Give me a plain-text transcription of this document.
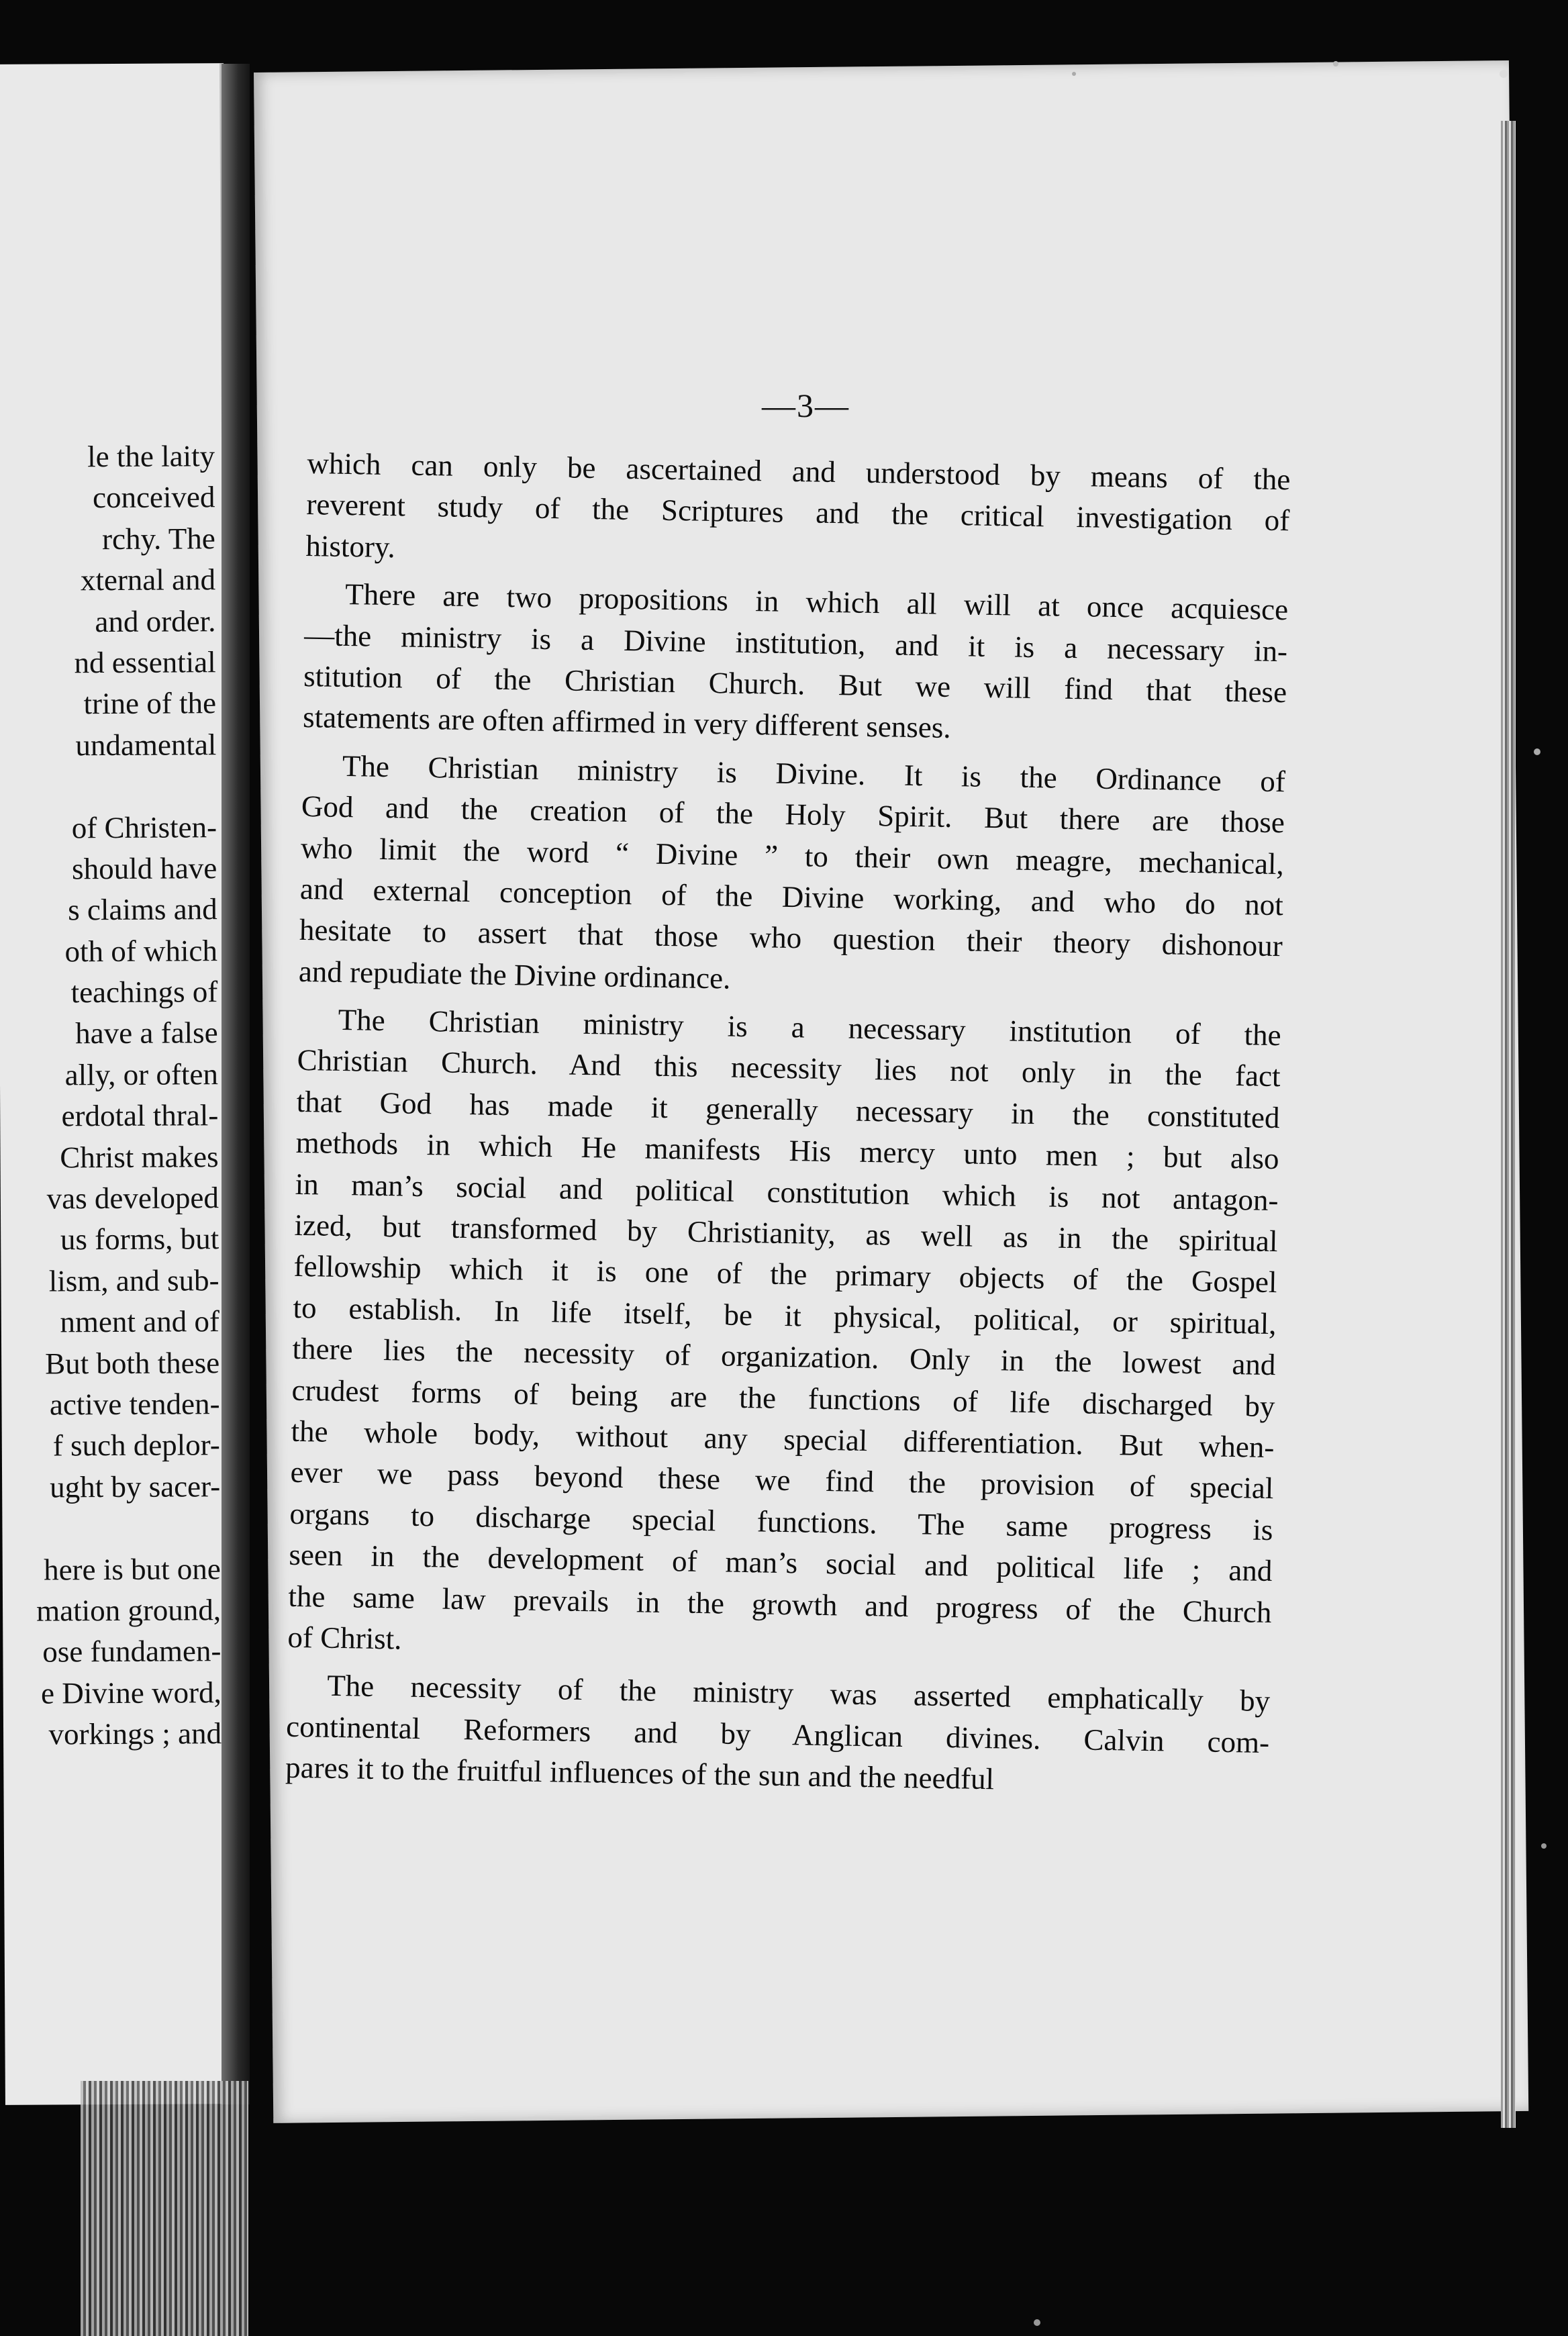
le the laity
conceived
rchy. The
xternal and
and order.
nd essential
trine of the
undamental
of Christen-
should have
s claims and
oth of which
teachings of
have a false
ally, or often
erdotal thral-
Christ makes
vas developed
us forms, but
lism, and sub-
nment and of
But both these
active tenden-
f such deplor-
ught by sacer-
here is but one
mation ground,
ose fundamen-
e Divine word,
vorkings ; and
—3—
which can only be ascertained and understood by means of the
reverent study of the Scriptures and the critical investigation of
history.
There are two propositions in which all will at once acquiesce
—the ministry is a Divine institution, and it is a necessary in-
stitution of the Christian Church. But we will find that these
statements are often affirmed in very different senses.
The Christian ministry is Divine. It is the Ordinance of
God and the creation of the Holy Spirit. But there are those
who limit the word “ Divine ” to their own meagre, mechanical,
and external conception of the Divine working, and who do not
hesitate to assert that those who question their theory dishonour
and repudiate the Divine ordinance.
The Christian ministry is a necessary institution of the
Christian Church. And this necessity lies not only in the fact
that God has made it generally necessary in the constituted
methods in which He manifests His mercy unto men ; but also
in man’s social and political constitution which is not antagon-
ized, but transformed by Christianity, as well as in the spiritual
fellowship which it is one of the primary objects of the Gospel
to establish. In life itself, be it physical, political, or spiritual,
there lies the necessity of organization. Only in the lowest and
crudest forms of being are the functions of life discharged by
the whole body, without any special differentiation. But when-
ever we pass beyond these we find the provision of special
organs to discharge special functions. The same progress is
seen in the development of man’s social and political life ; and
the same law prevails in the growth and progress of the Church
of Christ.
The necessity of the ministry was asserted emphatically by
continental Reformers and by Anglican divines. Calvin com-
pares it to the fruitful influences of the sun and the needful
